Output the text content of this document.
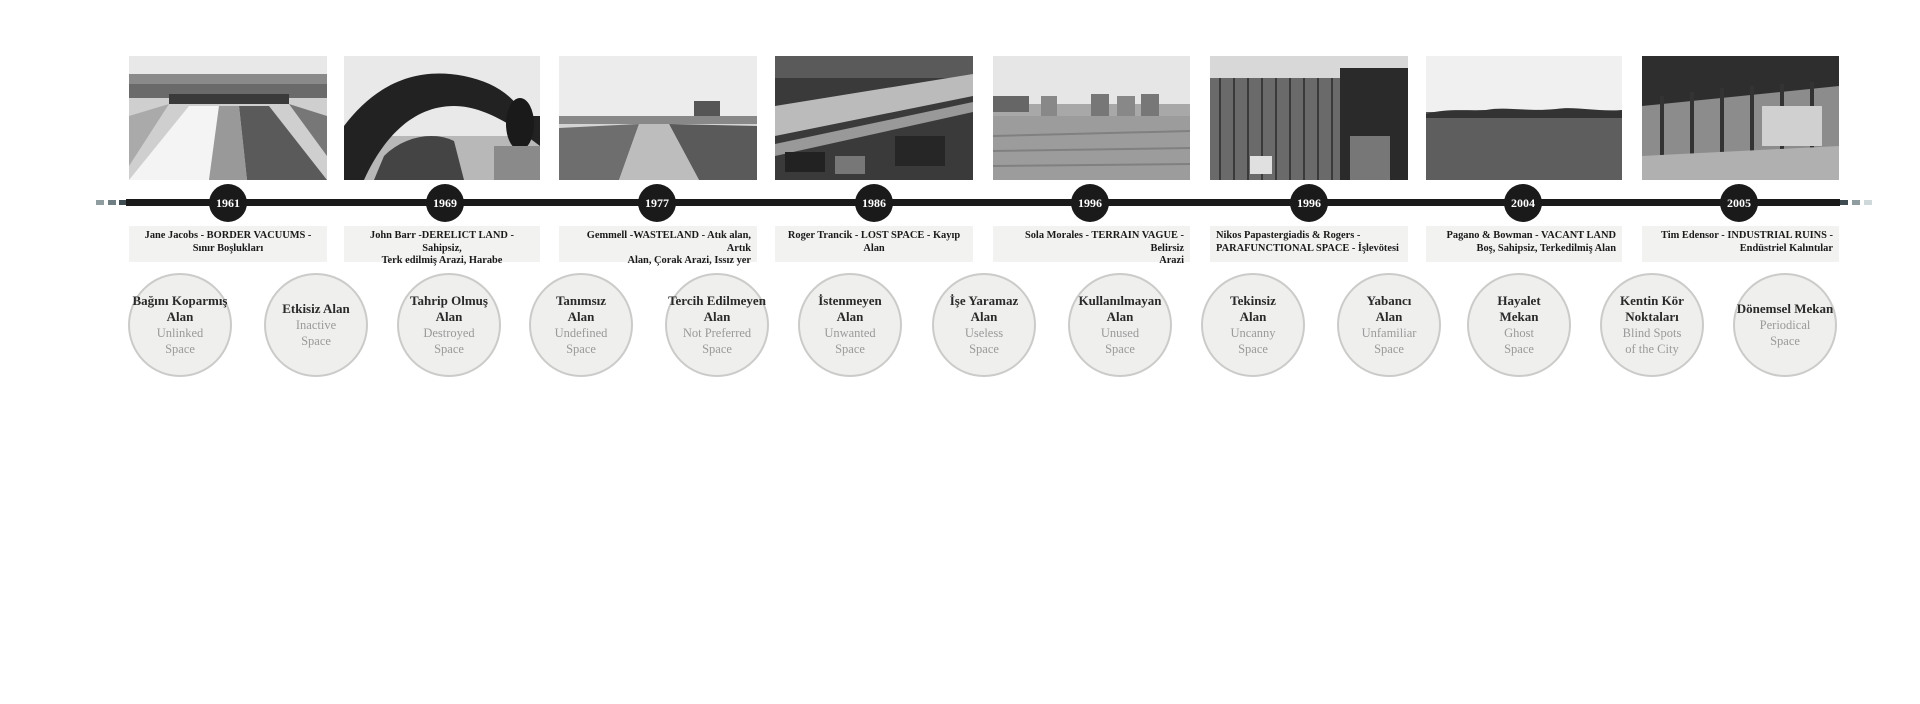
1961	1969	1977	1986	1996	1996	2004	2005
Jane Jacobs - BORDER VACUUMS -
Sınır Boşlukları
John Barr -DERELICT LAND - Sahipsiz,
Terk edilmiş Arazi, Harabe
Gemmell -WASTELAND - Atık alan, Artık
Alan, Çorak Arazi, Issız yer
Roger Trancik - LOST SPACE - Kayıp Alan
Sola Morales - TERRAIN VAGUE - Belirsiz
Arazi
Nikos Papastergiadis & Rogers -
PARAFUNCTIONAL SPACE - İşlevötesi
Pagano & Bowman - VACANT LAND
Boş, Sahipsiz, Terkedilmiş Alan
Tim Edensor - INDUSTRIAL RUINS -
Endüstriel Kalıntılar
Bağını Koparmış
Alan
Unlinked
Space
Etkisiz Alan
Inactive
Space
Tahrip Olmuş
Alan
Destroyed
Space
Tanımsız
Alan
Undefined
Space
Tercih Edilmeyen
Alan
Not Preferred
Space
İstenmeyen
Alan
Unwanted
Space
İşe Yaramaz
Alan
Useless
Space
Kullanılmayan
Alan
Unused
Space
Tekinsiz
Alan
Uncanny
Space
Yabancı
Alan
Unfamiliar
Space
Hayalet
Mekan
Ghost
Space
Kentin Kör
Noktaları
Blind Spots
of the City
Dönemsel Mekan
Periodical
Space
